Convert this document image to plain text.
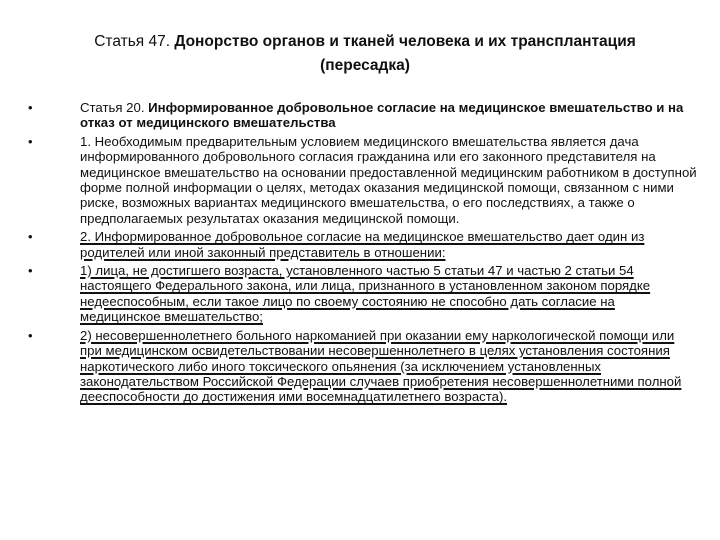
Статья 47. Донорство органов и тканей человека и их трансплантация (пересадка)
•	Статья 20. Информированное добровольное согласие на медицинское вмешательство и на отказ от медицинского вмешательства
•	1. Необходимым предварительным условием медицинского вмешательства является дача информированного добровольного согласия гражданина или его законного представителя на медицинское вмешательство на основании предоставленной медицинским работником в доступной форме полной информации о целях, методах оказания медицинской помощи, связанном с ними риске, возможных вариантах медицинского вмешательства, о его последствиях, а также о предполагаемых результатах оказания медицинской помощи.
•	2. Информированное добровольное согласие на медицинское вмешательство дает один из родителей или иной законный представитель в отношении:
•	1) лица, не достигшего возраста, установленного частью 5 статьи 47 и частью 2 статьи 54 настоящего Федерального закона, или лица, признанного в установленном законом порядке недееспособным, если такое лицо по своему состоянию не способно дать согласие на медицинское вмешательство;
•	2) несовершеннолетнего больного наркоманией при оказании ему наркологической помощи или при медицинском освидетельствовании несовершеннолетнего в целях установления состояния наркотического либо иного токсического опьянения (за исключением установленных законодательством Российской Федерации случаев приобретения несовершеннолетними полной дееспособности до достижения ими восемнадцатилетнего возраста).
